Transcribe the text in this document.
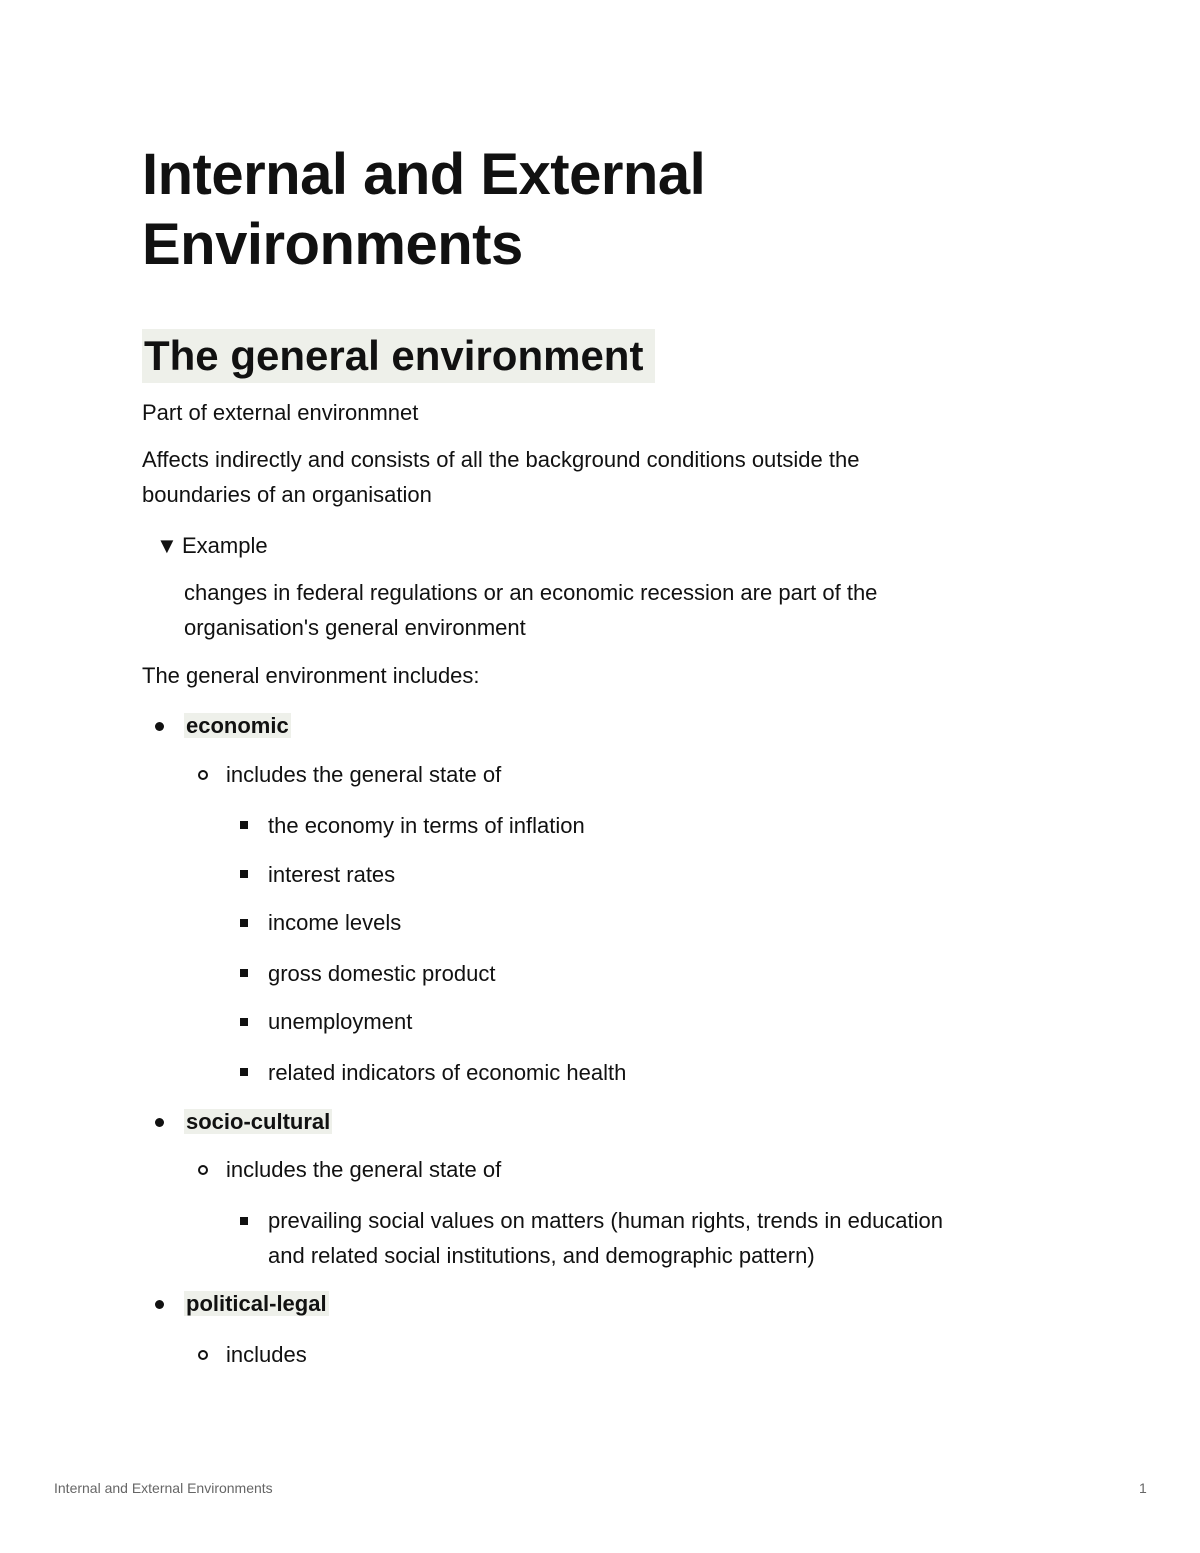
Internal and External
Environments
The general environment

Part of external environmnet

Affects indirectly and consists of all the background conditions outside the
boundaries of an organisation

▼ Example

changes in federal regulations or an economic recession are part of the
organisation's general environment

The general environment includes:

economic

includes the general state of

the economy in terms of inflation

interest rates

income levels

gross domestic product

unemployment

related indicators of economic health

socio-cultural

includes the general state of

prevailing social values on matters (human rights, trends in education
and related social institutions, and demographic pattern)

political-legal

includes

Internal and External Environments	1
